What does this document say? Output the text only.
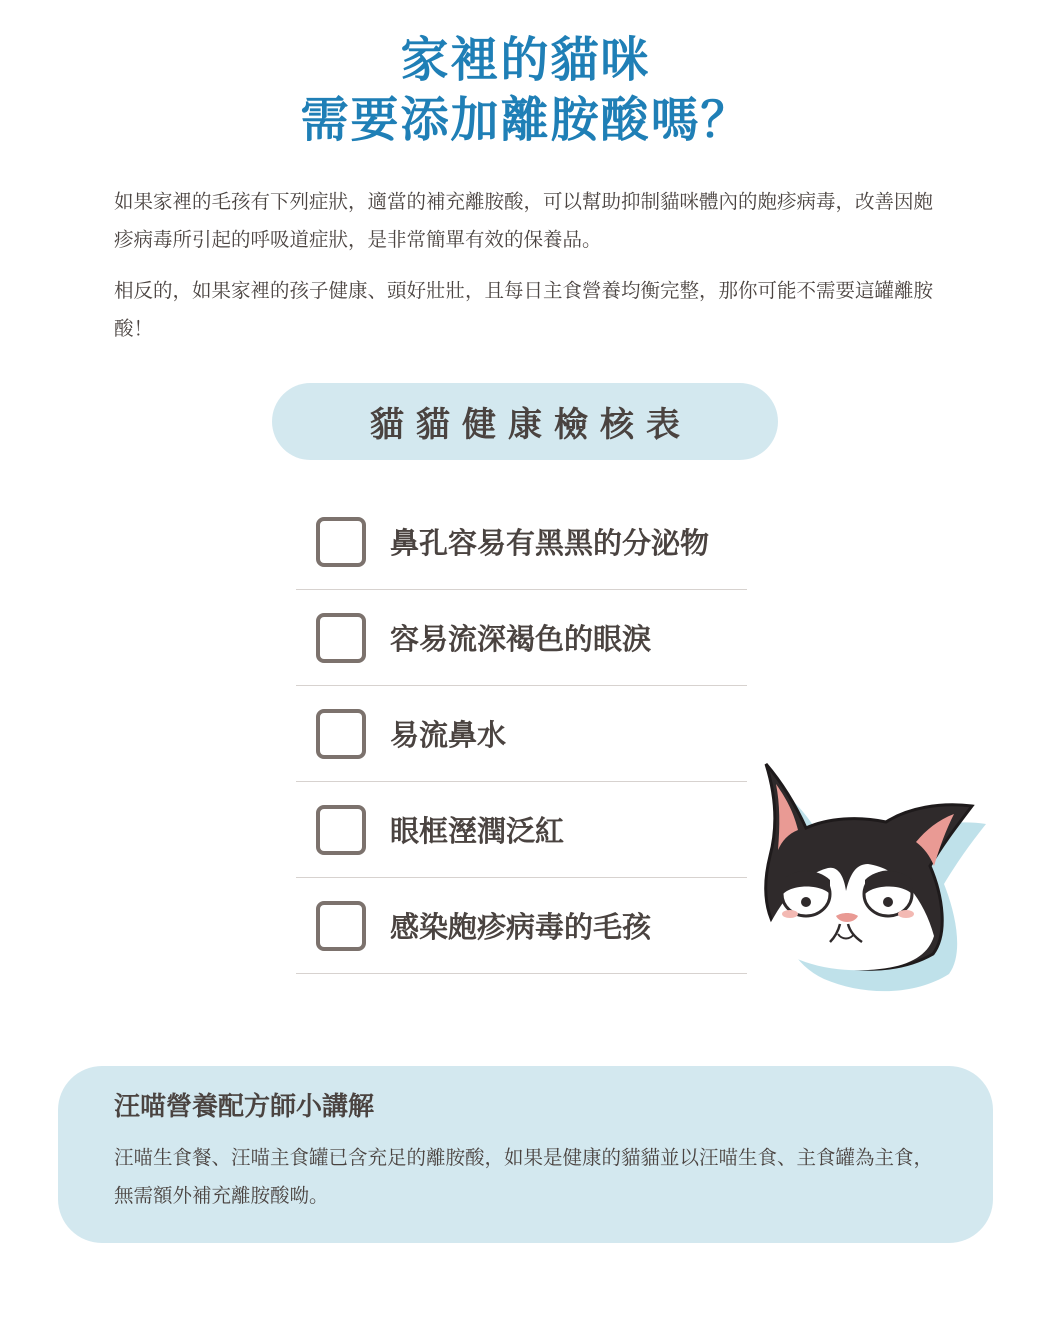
家裡的貓咪
需要添加離胺酸嗎？
如果家裡的毛孩有下列症狀，適當的補充離胺酸，可以幫助抑制貓咪體內的皰疹病毒，改善因皰疹病毒所引起的呼吸道症狀，是非常簡單有效的保養品。
相反的，如果家裡的孩子健康、頭好壯壯，且每日主食營養均衡完整，那你可能不需要這罐離胺酸！
貓貓健康檢核表
鼻孔容易有黑黑的分泌物
容易流深褐色的眼淚
易流鼻水
眼框溼潤泛紅
感染皰疹病毒的毛孩
汪喵營養配方師小講解
汪喵生食餐、汪喵主食罐已含充足的離胺酸，如果是健康的貓貓並以汪喵生食、主食罐為主食，無需額外補充離胺酸呦。
